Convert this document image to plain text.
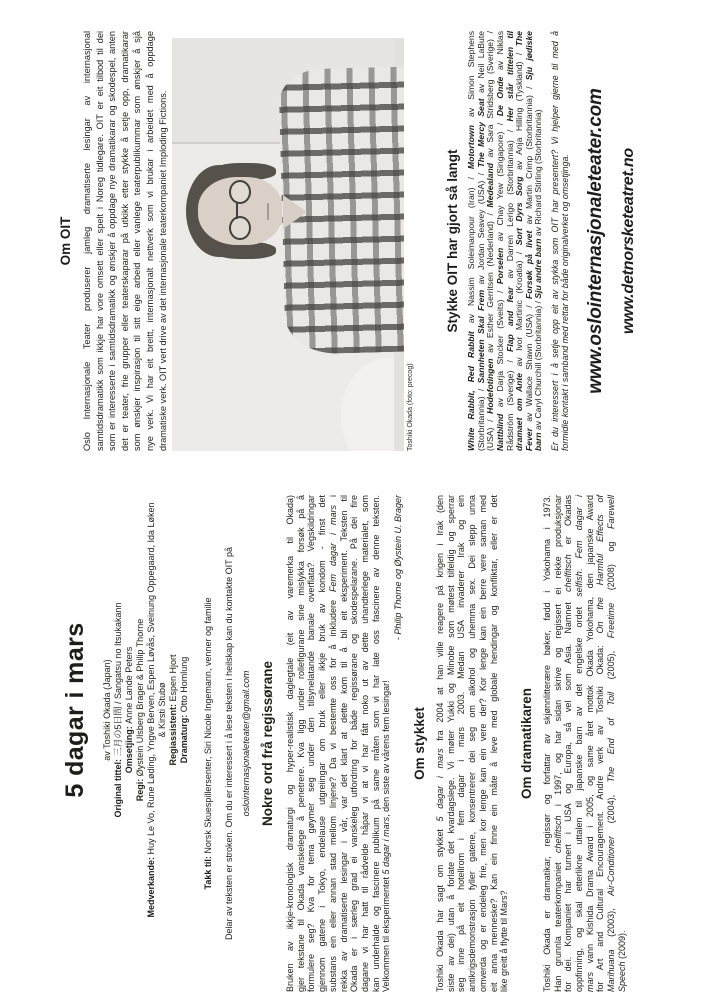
5 dagar i mars av Toshiki Okada (Japan)
Original tittel: 三月の5日間 / Sangatsu no Itsukakann Omsetjing: Anne Lande Peters
Regi: Øystein Ulsberg Brager & Philip Thorne
Medverkande: Huy Le Vo, Rune Løding, Yngve Berven, Espen Løvås, Sveinung Oppegaard, Ida Løken & Kirsti Stubø Regiassistent: Espen Hjort
Dramaturg: Otto Homlung
Takk til: Norsk Skuespillersenter, Siri Nicole Ingemann, venner og familie Delar av teksten er stroken. Om du er interessert i å lese teksten i heilskap kan du kontakte OIT på oslointernasjonaleteater@gmail.com Nokre ord frå regissørane Bruken av ikkje-kronologisk dramaturgi og hyper-realistisk daglegtale (eit av varemerka til Okada) gjer tekstane til Okada vanskelege å penetrere. Kva ligg under rollefigurane sine mislykka forsøk på å formulere seg? Kva for tema gøymer seg under den tilsynelatande banale overflata? Vegskildringar gjennom gatene i Tokyo, endelause utgreiingar om bruk eller ikkje bruk av kondom - finst det substans ein eller annan stad mellom linjene? Da vi bestemte oss for å inkludere Fem dagar i mars i rekka av dramatiserte lesingar i vår, var det klart at dette kom til å bli eit eksperiment. Teksten til Okada er i særleg grad ei vanskeleg utfordring for både regissørane og skodespelarane. På dei fire dagane vi har hatt til rådvelde håpar vi at vi har fått noko ut av dette uhandterlege materialet, som kan underhalde og fascinere publikum på same måten som vi har late oss fascinere av denne teksten. Velkommen til eksperimentet 5 dagar i mars, den siste av vårens fem lesingar!
- Philip Thorne og Øystein U. Brager
Om stykket
Toshiki Okada har sagt om stykket 5 dagar i mars fra 2004 at han ville reagere på krigen i Irak (den siste av dei) utan å forlate det kvardagslege. Vi møter Yukki og Minobe som møtest tilfeldig og sperrar seg inne på eit hotellrom i fem dagar i mars 2003. Medan USA invaderer Irak og ein antikrigsdemonstrasjon fyller gatene, konsentrerer dei seg om alkohol og uhemma sex. Dei slepp unna omverda og er endeleg frie, men kor lenge kan ein vere der? Kor lenge kan ein berre vere saman med eit anna menneske? Kan ein finne ein måte å leve med globale hendingar og konfliktar, eller er det like greitt å flytte til Mars?
Om dramatikaren Toshiki Okada er dramatikar, regissør og forfattar av skjønnlitterære bøker, fødd i Yokohama i 1973. Han grunnla teaterkompaniet chelfitsch i 1997, og har sidan skrive og regissert ei rekke produksjonar for dei. Kompaniet har turnert i USA og Europa, så vel som Asia. Namnet chelfitsch er Okadas
oppfinning, og skal etterlikne uttalen til japanske barn av det engelske ordet selfish. Fem dagar i
mars vann Kishida Drama Award i 2005, og same året mottok Okada Yokohama, den japanske Award for Art and Cultural Encouragement. Andre verk av Toshiki Okada: On the Harmful Effects of
Marihuana (2003), Air-Conditioner (2004), The End of Toil (2005), Freetime (2008) og Farewell
Speech (2009).
Om OIT Oslo Internasjonale Teater produserer jamleg dramatiserte lesingar av internasjonal samtidsdramatikk som ikkje har vore omsett eller spelt i Noreg tidlegare. OIT er eit tilbod til dei som er interesserte i samtidsdramatikk og ønskjer å oppdage nye dramatikarar og skodespel, anten det er teater, frie grupper eller teaterskaparar på utkikk etter stykke å setje opp, dramatikarar som ønskjer inspirasjon til sitt eige arbeid eller vanlege teaterpublikummar som ønskjer å sjå nye verk. Vi har eit breitt, internasjonalt nettverk som vi brukar i arbeidet med å oppdage dramatiske verk. OIT vert drive av det internasjonale teaterkompaniet Imploding Fictions.	Toshiki Okada (foto: precog)
Stykke OIT har gjort så langt
White Rabbit, Red Rabbit av Nassim Soleimanpour (Iran) / Motortown av Simon Stephens
(Storbritannia) / Sannheten Skal Frem av Jordan Seavey (USA) / The Mercy Seat av Neil LaBute
(USA) / Hodefotingen av Esther Gerritsen (Nederland) / Medealand av Sara Stridsberg (Sverige) /
Nattblind av Darja Stocker (Sveits) / Porselen av Chay Yew (Singapore) / De Onde av Niklas
Rådström (Sverige) / Flap and fear av Darren Lerigo (Storbritannia) / Her står tittelen til
dramaet om Ante av Ivor Martinic (Kroatia) / Sort Dyrs Sorg av Anja Hilling (Tyskland) / The
Fever av Wallace Shawn (USA) / Forsøk på livet av Martin Crimp (Storbritannia) / Sju jødiske
barn av Caryl Churchill (Storbritannia) / Sju andre barn av Richard Stirling (Storbritannia) Er du interessert i å setje opp eit av stykka som OIT har presentert? Vi hjelper gjerne til med å formidle kontakt i samband med rettar for både originalverket og omsetjinga. www.oslointernasjonaleteater.com www.detnorsketeatret.no
